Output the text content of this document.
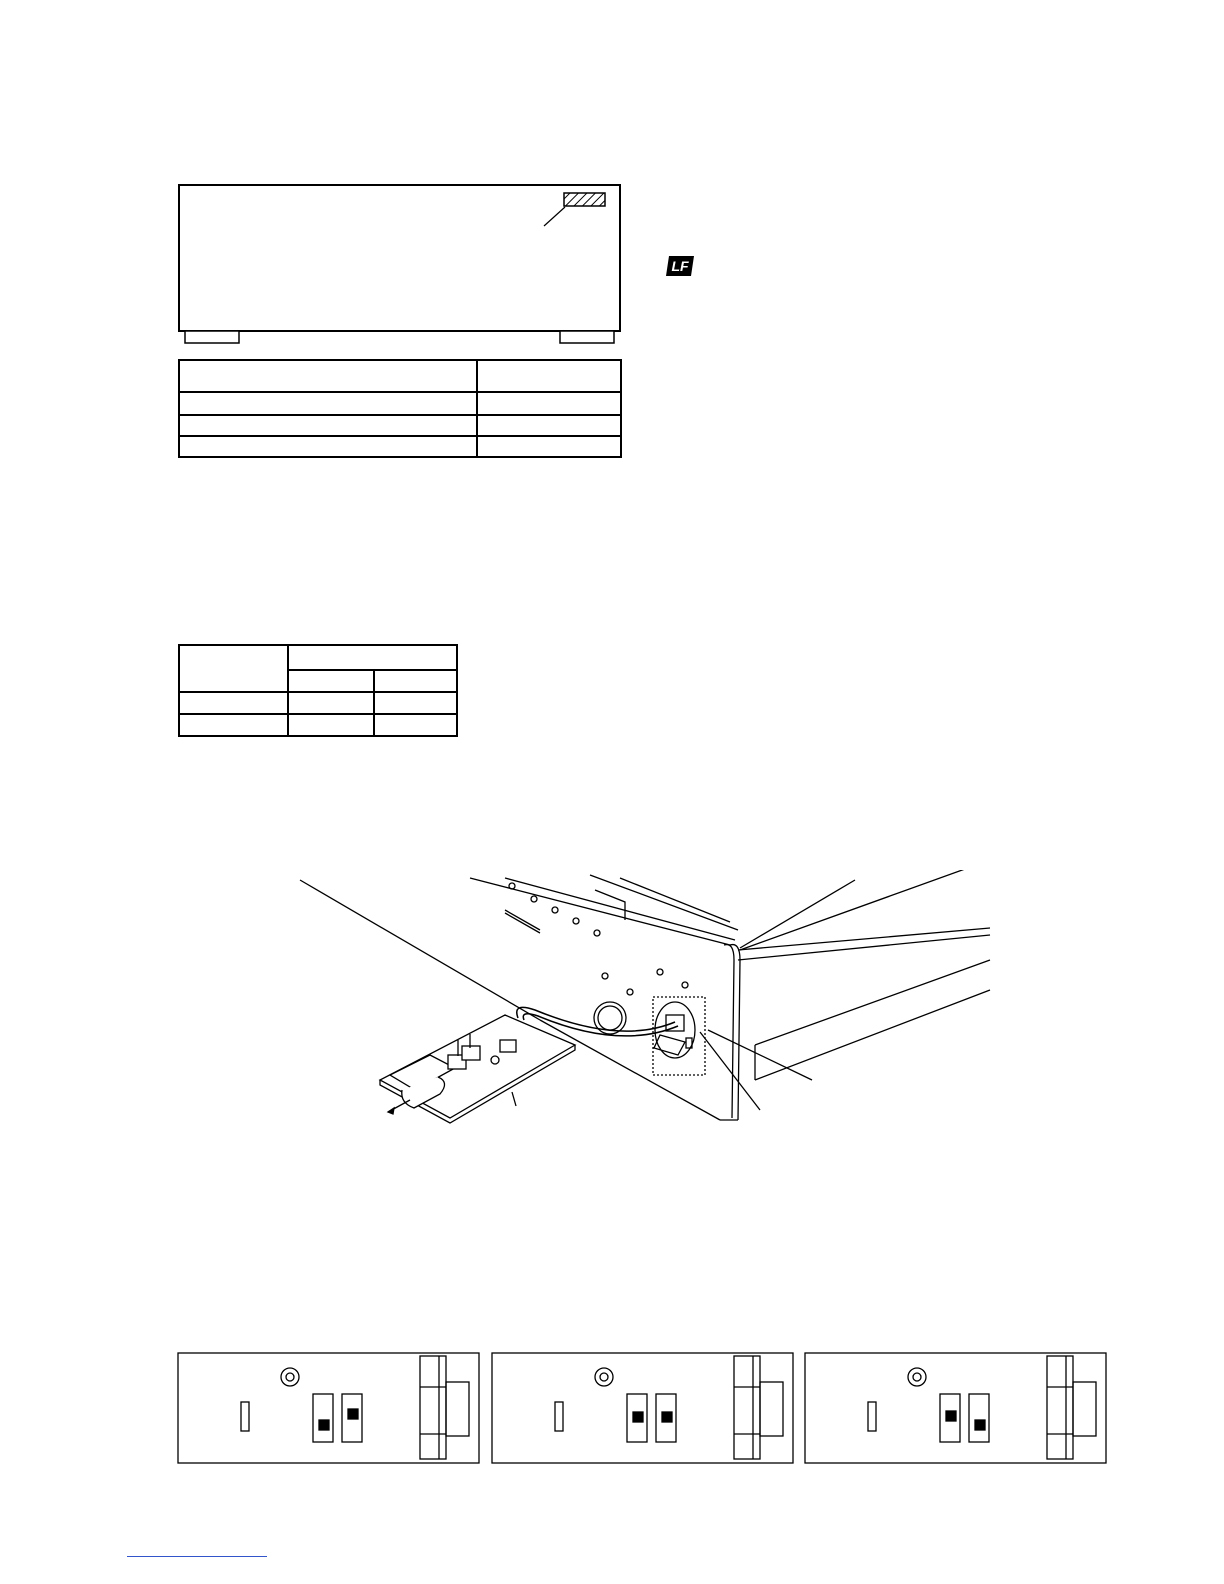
LF
